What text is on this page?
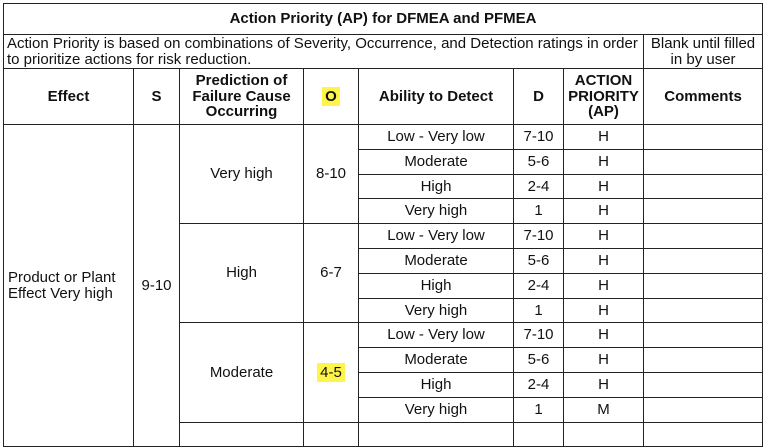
Action Priority (AP) for DFMEA and PFMEA							
Action Priority is based on combinations of Severity, Occurrence, and Detection ratings in order to prioritize actions for risk reduction.							Blank until filled in by user
Effect	S	Prediction of Failure Cause Occurring	O	Ability to Detect	D	ACTION PRIORITY (AP)	Comments
Product or Plant Effect Very high	9-10	Very high	8-10	Low - Very low	7-10	H	
				Moderate	5-6	H	
				High	2-4	H	
				Very high	1	H	
		High	6-7	Low - Very low	7-10	H	
				Moderate	5-6	H	
				High	2-4	H	
				Very high	1	H	
		Moderate	4-5	Low - Very low	7-10	H	
				Moderate	5-6	H	
				High	2-4	H	
				Very high	1	M	
